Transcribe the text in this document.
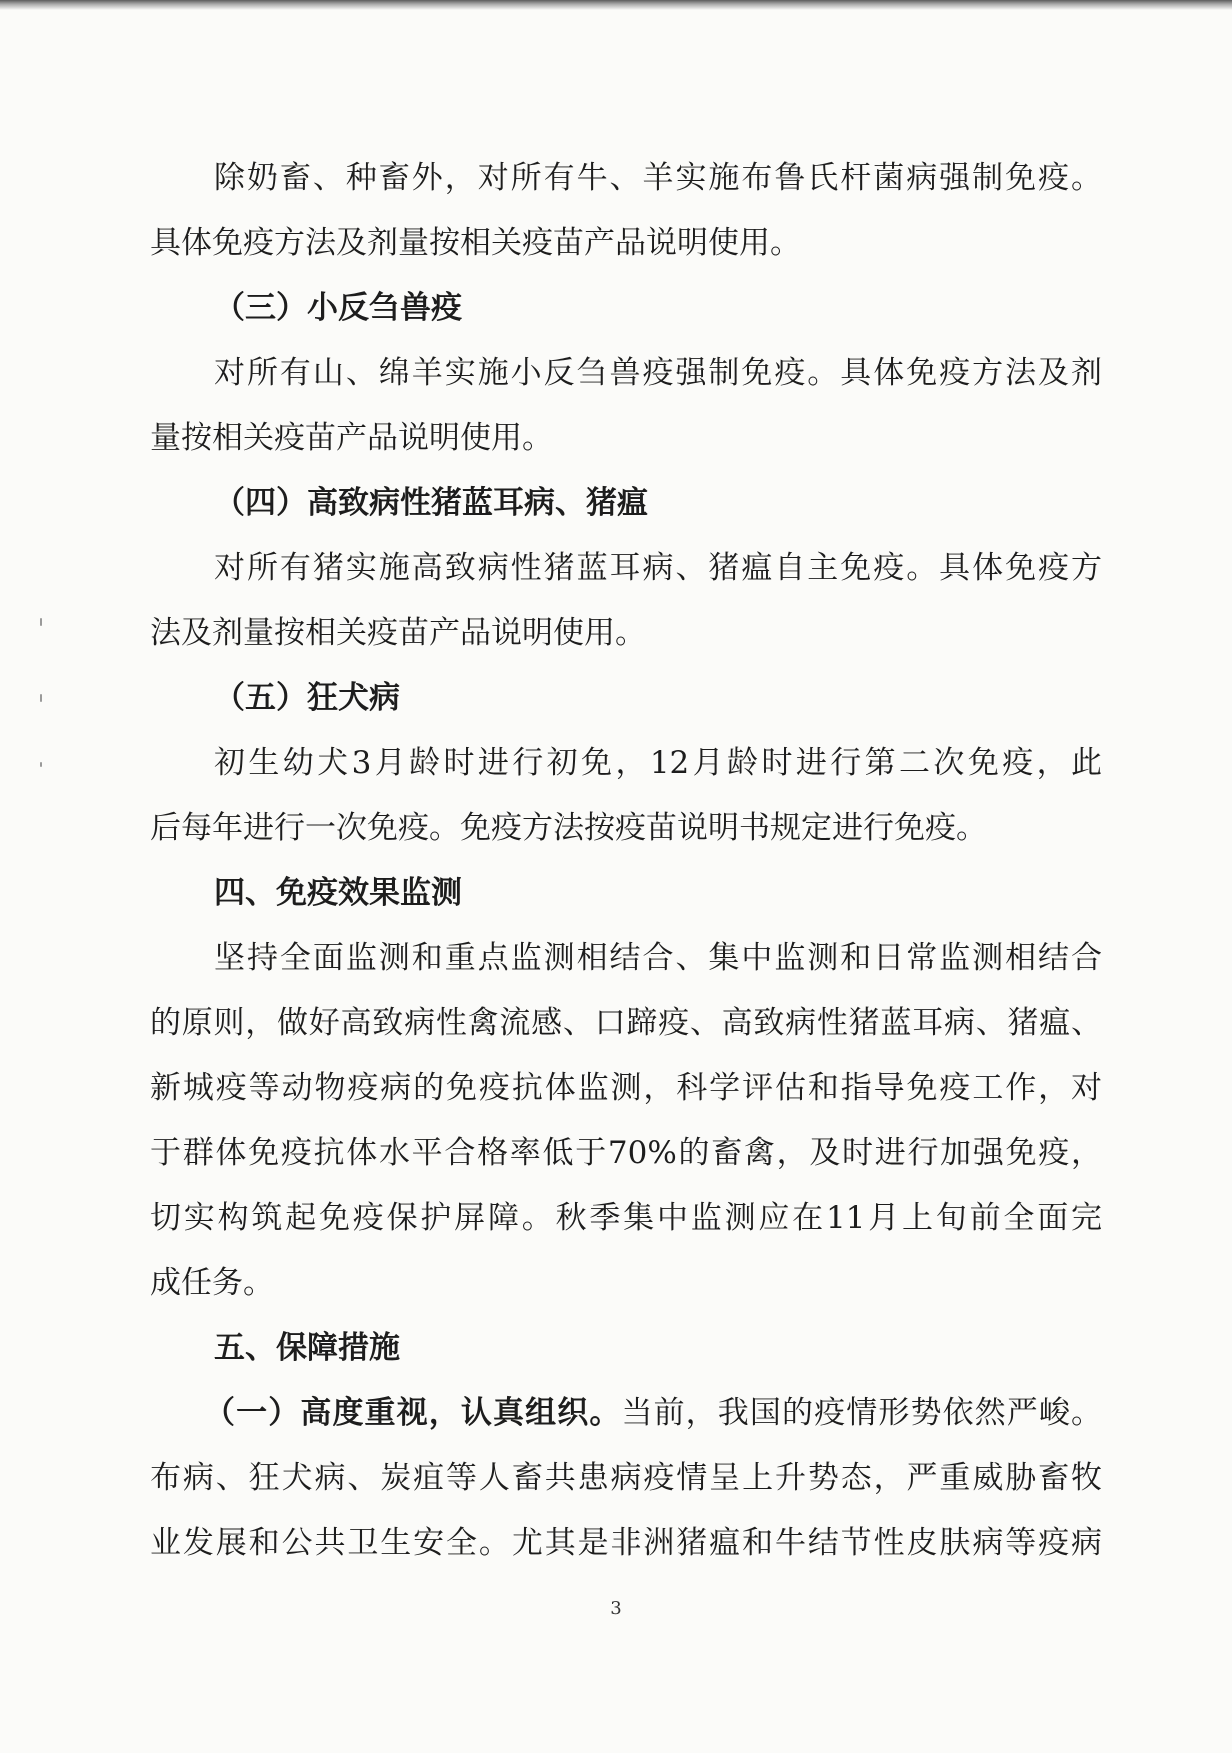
除奶畜、种畜外，对所有牛、羊实施布鲁氏杆菌病强制免疫。
具体免疫方法及剂量按相关疫苗产品说明使用。
（三）小反刍兽疫
对所有山、绵羊实施小反刍兽疫强制免疫。具体免疫方法及剂
量按相关疫苗产品说明使用。
（四）高致病性猪蓝耳病、猪瘟
对所有猪实施高致病性猪蓝耳病、猪瘟自主免疫。具体免疫方
法及剂量按相关疫苗产品说明使用。
（五）狂犬病
初生幼犬3月龄时进行初免，12月龄时进行第二次免疫，此
后每年进行一次免疫。免疫方法按疫苗说明书规定进行免疫。
四、免疫效果监测
坚持全面监测和重点监测相结合、集中监测和日常监测相结合
的原则，做好高致病性禽流感、口蹄疫、高致病性猪蓝耳病、猪瘟、
新城疫等动物疫病的免疫抗体监测，科学评估和指导免疫工作，对
于群体免疫抗体水平合格率低于70%的畜禽，及时进行加强免疫，
切实构筑起免疫保护屏障。秋季集中监测应在11月上旬前全面完
成任务。
五、保障措施
（一）高度重视，认真组织。当前，我国的疫情形势依然严峻。
布病、狂犬病、炭疽等人畜共患病疫情呈上升势态，严重威胁畜牧
业发展和公共卫生安全。尤其是非洲猪瘟和牛结节性皮肤病等疫病
3
